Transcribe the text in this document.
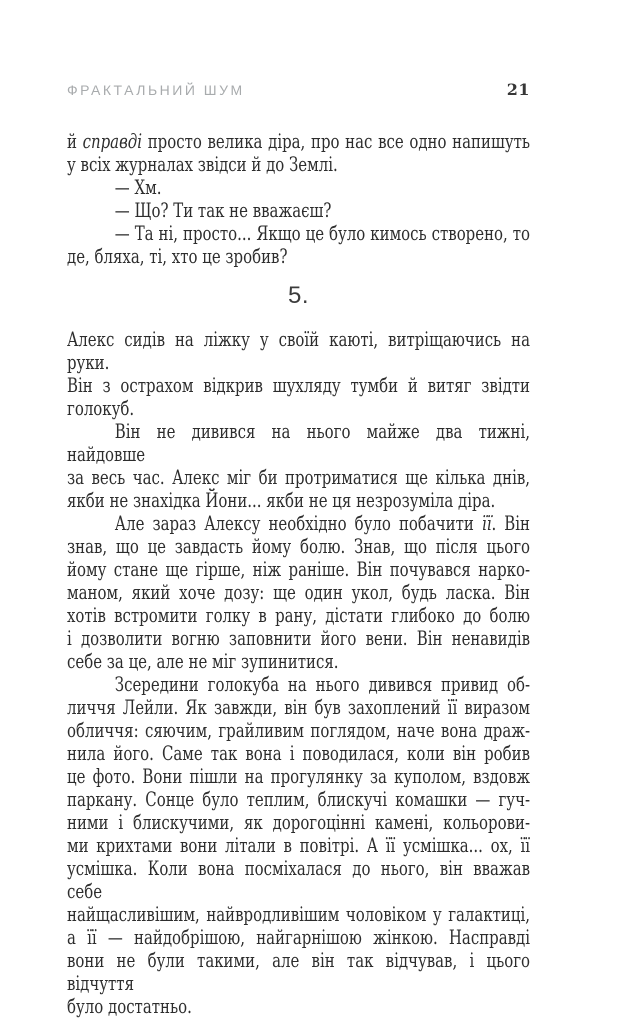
ФРАКТАЛЬНИЙ ШУМ	21
й справді просто велика діра, про нас все одно напишуть
у всіх журналах звідси й до Землі.
— Хм.
— Що? Ти так не вважаєш?
— Та ні, просто... Якщо це було кимось створено, то
де, бляха, ті, хто це зробив?
5.
Алекс сидів на ліжку у своїй каюті, витріщаючись на руки.
Він з острахом відкрив шухляду тумби й витяг звідти
голокуб.
Він не дивився на нього майже два тижні, найдовше
за весь час. Алекс міг би протриматися ще кілька днів,
якби не знахідка Йони... якби не ця незрозуміла діра.
Але зараз Алексу необхідно було побачити її. Він
знав, що це завдасть йому болю. Знав, що після цього
йому стане ще гірше, ніж раніше. Він почувався нарко-
маном, який хоче дозу: ще один укол, будь ласка. Він
хотів встромити голку в рану, дістати глибоко до болю
і дозволити вогню заповнити його вени. Він ненавидів
себе за це, але не міг зупинитися.
Зсередини голокуба на нього дивився привид об-
личчя Лейли. Як завжди, він був захоплений її виразом
обличчя: сяючим, грайливим поглядом, наче вона драж-
нила його. Саме так вона і поводилася, коли він робив
це фото. Вони пішли на прогулянку за куполом, вздовж
паркану. Сонце було теплим, блискучі комашки — гуч-
ними і блискучими, як дорогоцінні камені, кольорови-
ми крихтами вони літали в повітрі. А її усмішка... ох, її
усмішка. Коли вона посміхалася до нього, він вважав себе
найщасливішим, найвродливішим чоловіком у галактиці,
а її — найдобрішою, найгарнішою жінкою. Насправді
вони не були такими, але він так відчував, і цього відчуття
було достатньо.
